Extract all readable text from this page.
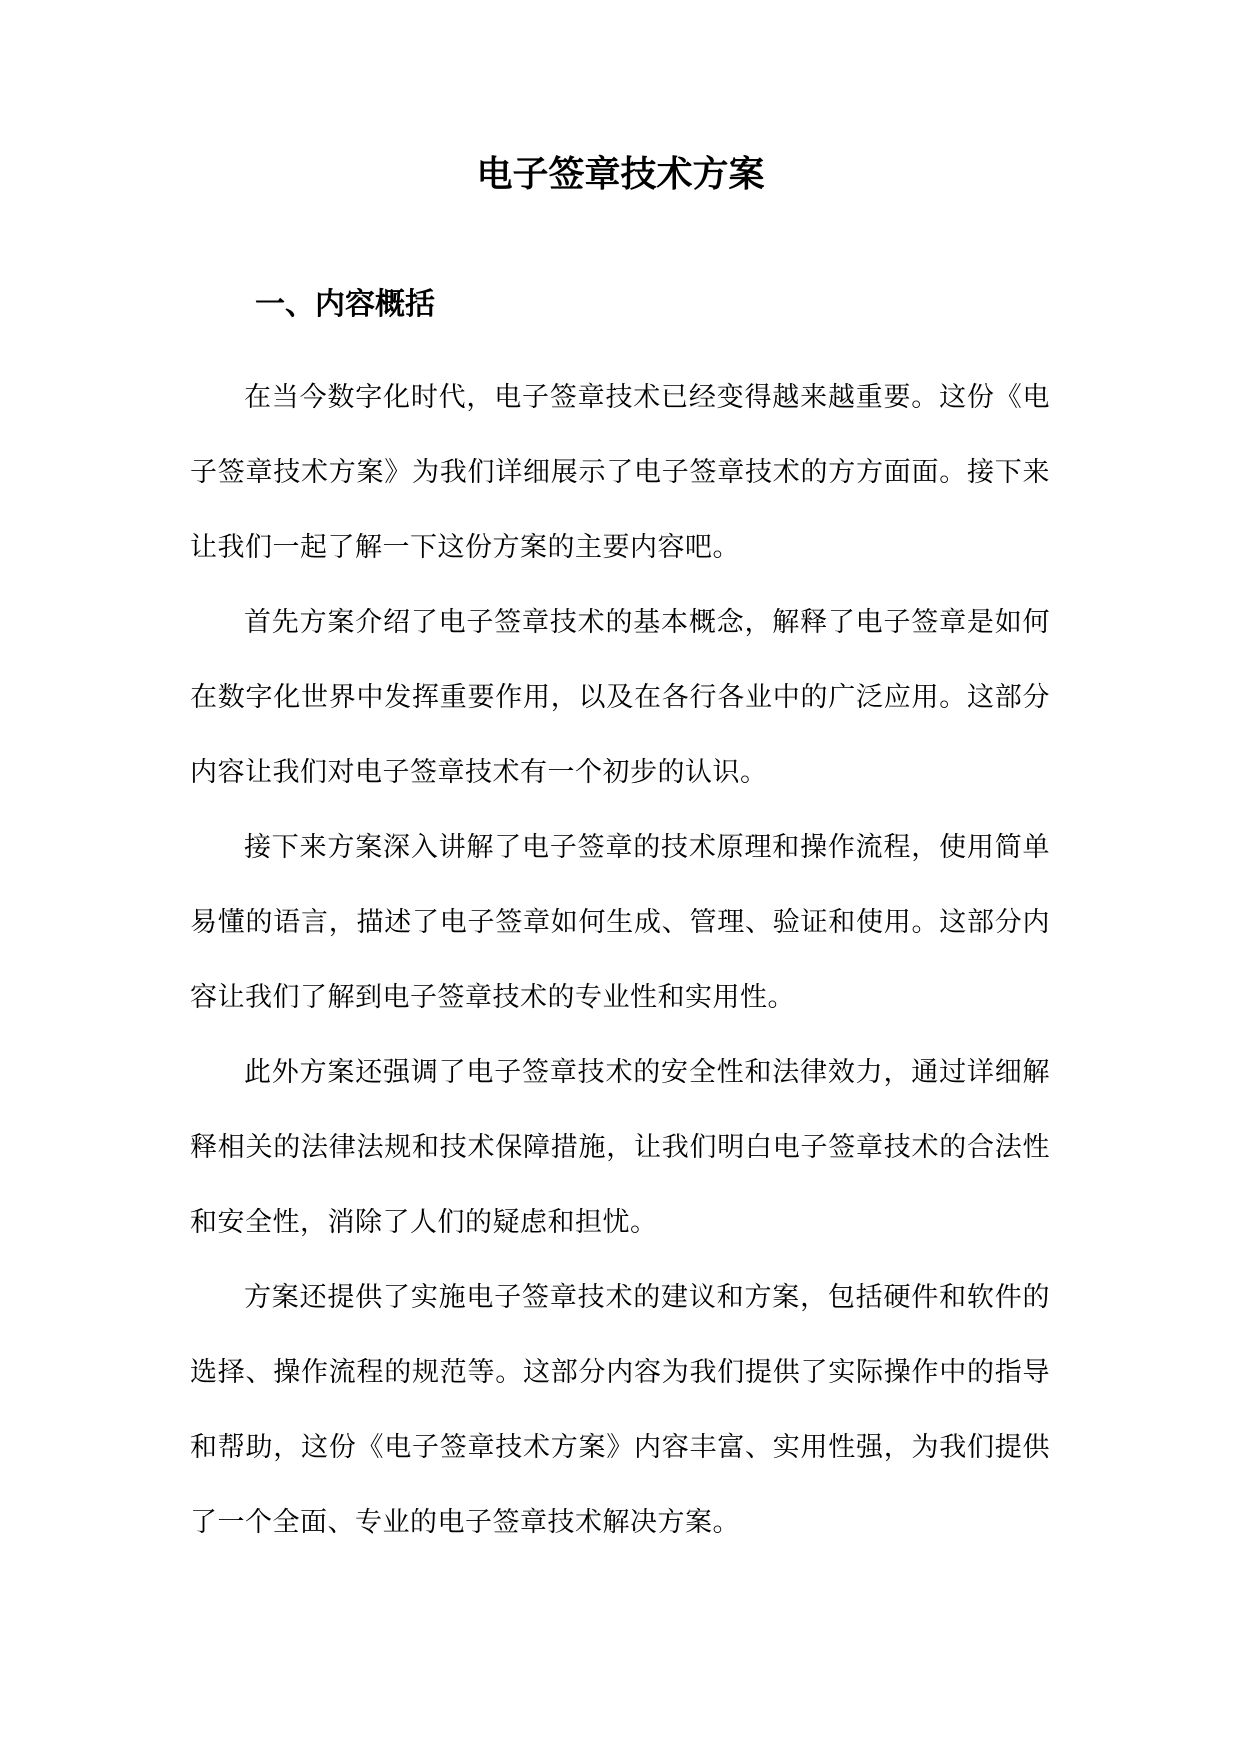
电子签章技术方案
一、内容概括

在当今数字化时代，电子签章技术已经变得越来越重要。这份《电子签章技术方案》为我们详细展示了电子签章技术的方方面面。接下来让我们一起了解一下这份方案的主要内容吧。

首先方案介绍了电子签章技术的基本概念，解释了电子签章是如何在数字化世界中发挥重要作用，以及在各行各业中的广泛应用。这部分内容让我们对电子签章技术有一个初步的认识。

接下来方案深入讲解了电子签章的技术原理和操作流程，使用简单易懂的语言，描述了电子签章如何生成、管理、验证和使用。这部分内容让我们了解到电子签章技术的专业性和实用性。

此外方案还强调了电子签章技术的安全性和法律效力，通过详细解释相关的法律法规和技术保障措施，让我们明白电子签章技术的合法性和安全性，消除了人们的疑虑和担忧。

方案还提供了实施电子签章技术的建议和方案，包括硬件和软件的选择、操作流程的规范等。这部分内容为我们提供了实际操作中的指导和帮助，这份《电子签章技术方案》内容丰富、实用性强，为我们提供了一个全面、专业的电子签章技术解决方案。
